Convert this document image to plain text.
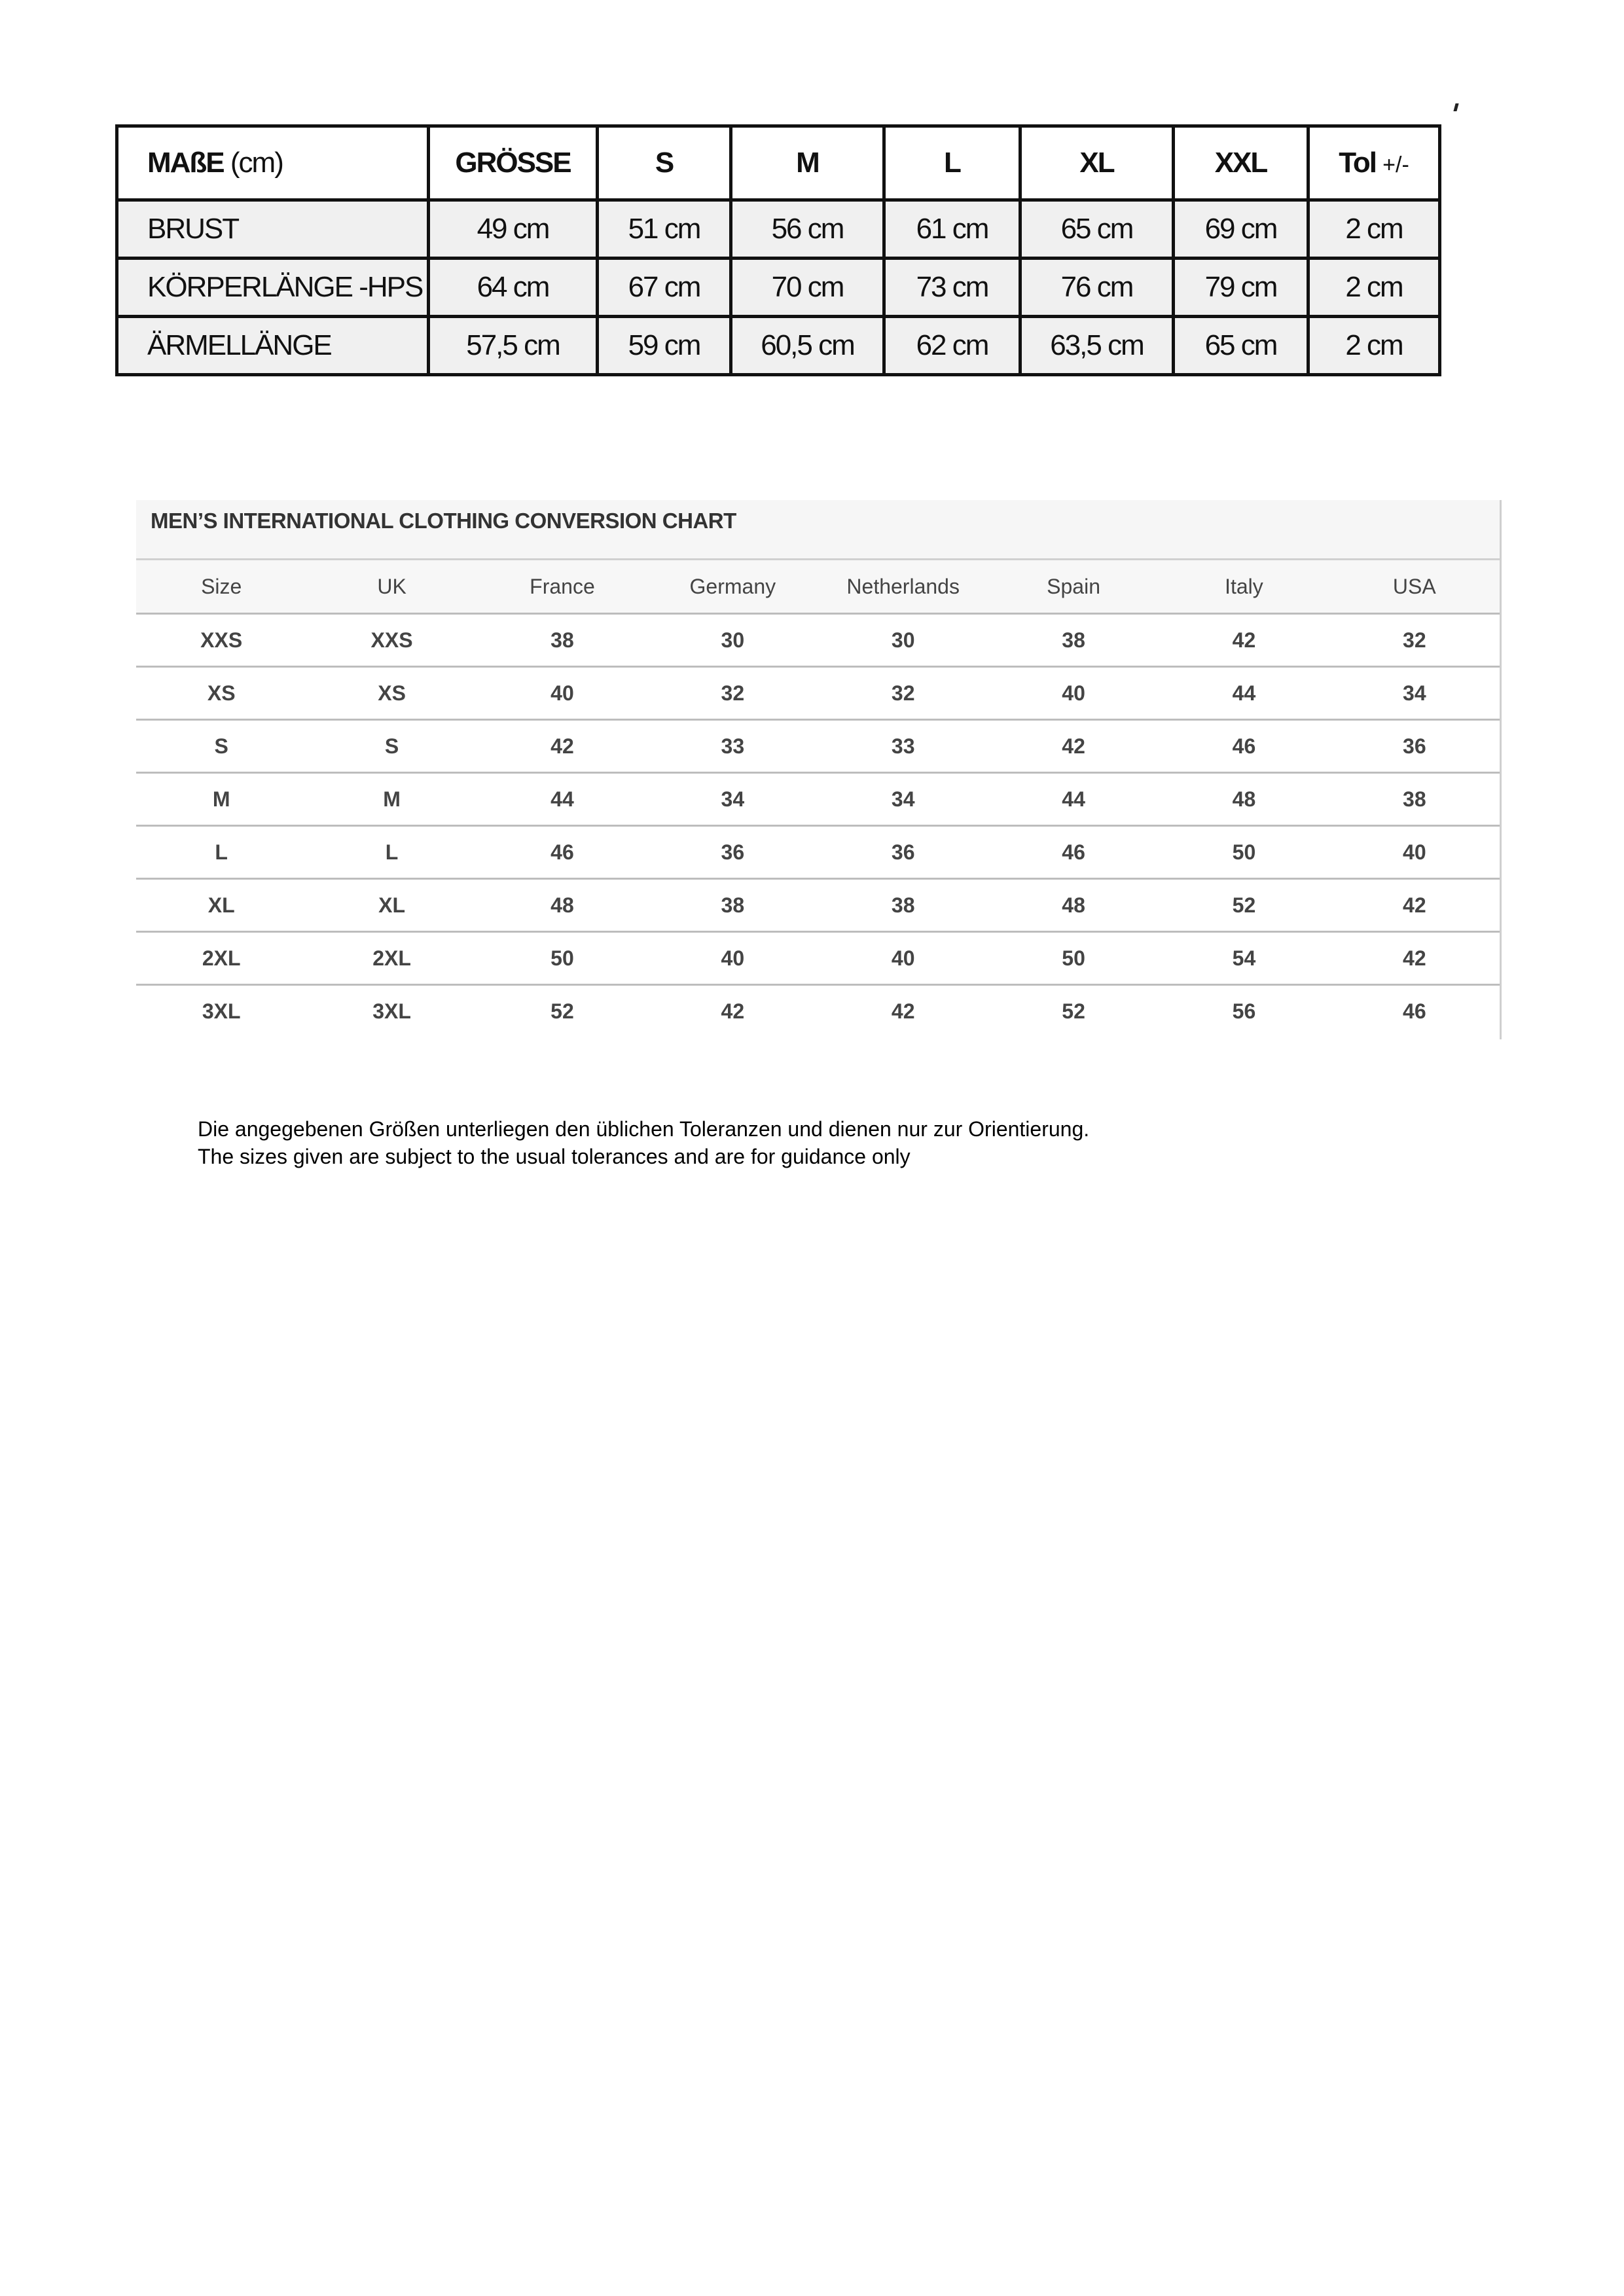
MAßE (cm)	GRÖSSE	S	M	L	XL	XXL	Tol +/-
BRUST	49 cm	51 cm	56 cm	61 cm	65 cm	69 cm	2 cm
KÖRPERLÄNGE -HPS	64 cm	67 cm	70 cm	73 cm	76 cm	79 cm	2 cm
ÄRMELLÄNGE	57,5 cm	59 cm	60,5 cm	62 cm	63,5 cm	65 cm	2 cm
MEN’S INTERNATIONAL CLOTHING CONVERSION CHART
Size	UK	France	Germany	Netherlands	Spain	Italy	USA
XXS	XXS	38	30	30	38	42	32
XS	XS	40	32	32	40	44	34
S	S	42	33	33	42	46	36
M	M	44	34	34	44	48	38
L	L	46	36	36	46	50	40
XL	XL	48	38	38	48	52	42
2XL	2XL	50	40	40	50	54	42
3XL	3XL	52	42	42	52	56	46
Die angegebenen Größen unterliegen den üblichen Toleranzen und dienen nur zur Orientierung.
The sizes given are subject to the usual tolerances and are for guidance only
